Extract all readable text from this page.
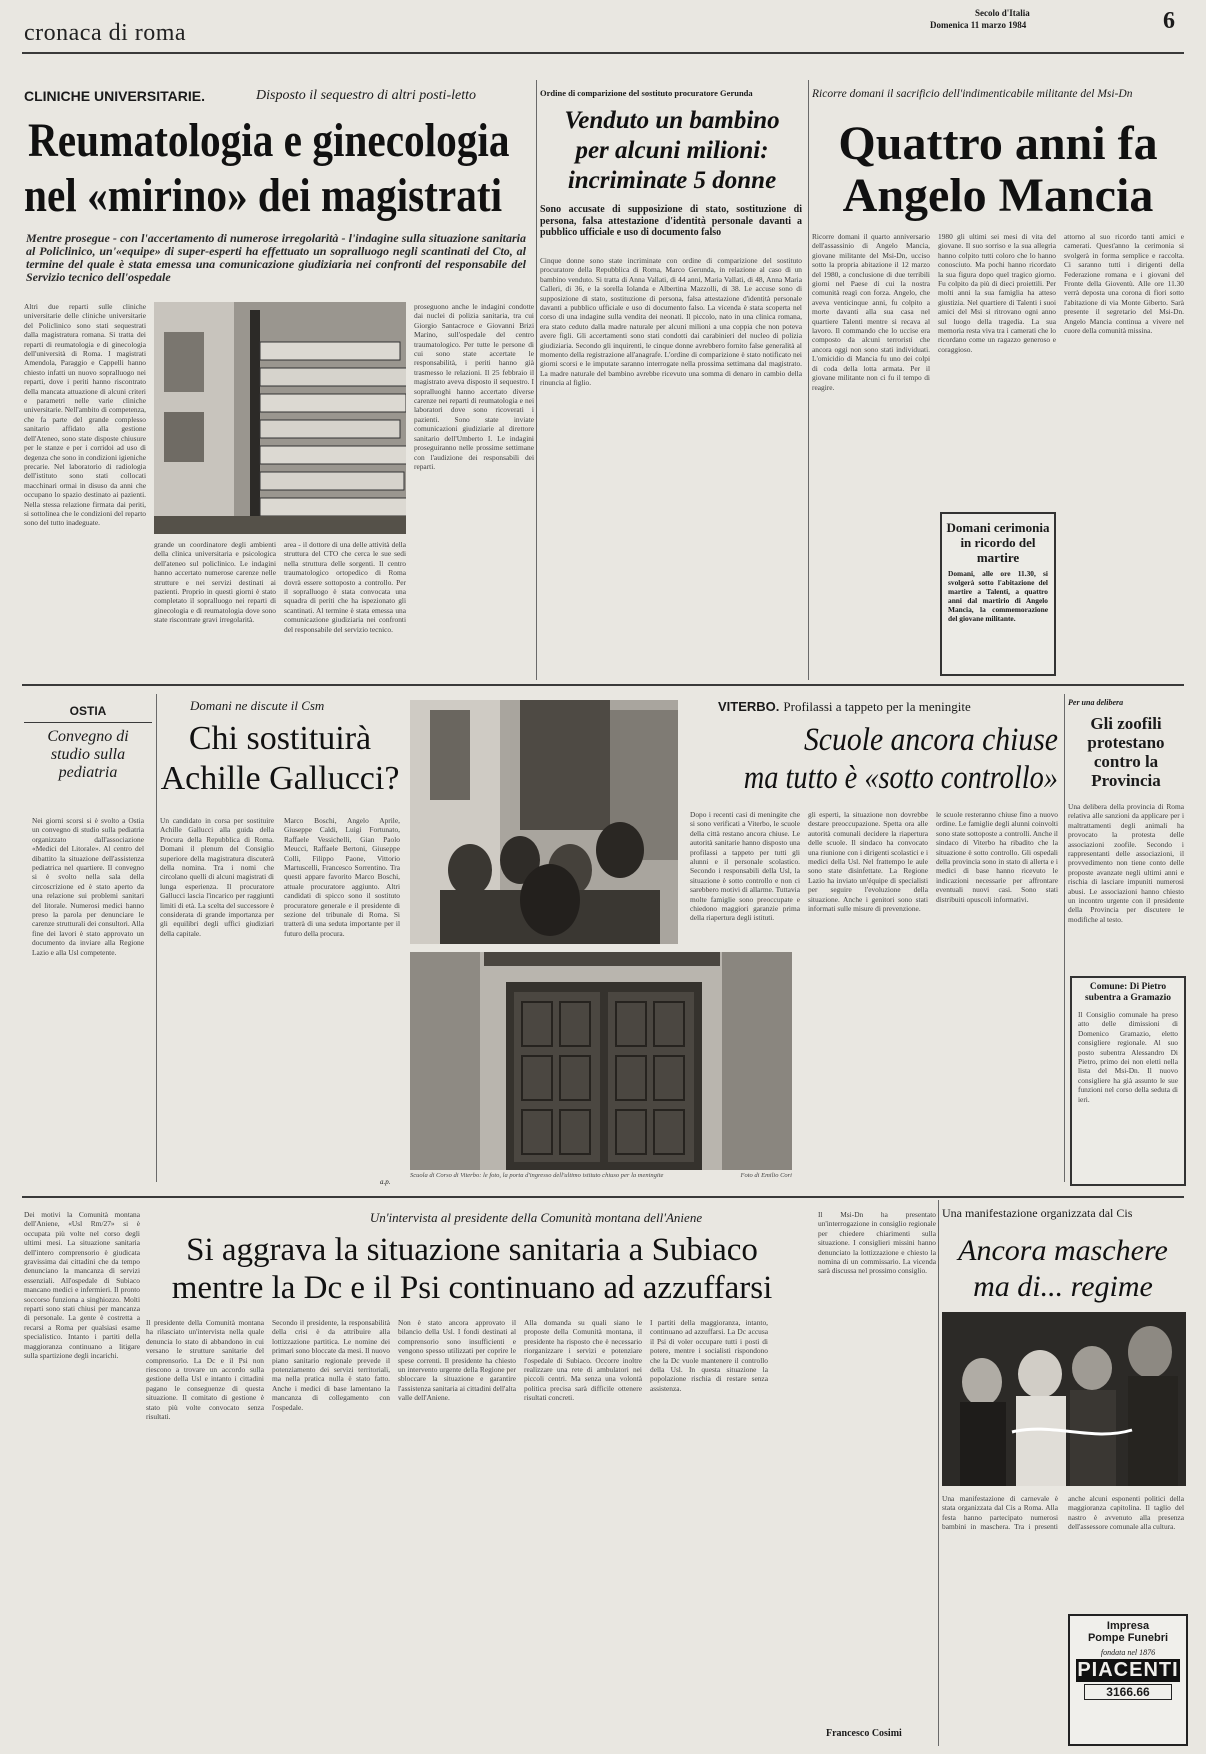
cronaca di roma
Secolo d'Italia
Domenica 11 marzo 1984	6
CLINICHE UNIVERSITARIE.	Disposto il sequestro di altri posti-letto
Reumatologia e ginecologia
nel «mirino» dei magistrati
Mentre prosegue - con l'accertamento di numerose irregolarità - l'indagine sulla situazione sanitaria al Policlinico, un'«equipe» di super-esperti ha effettuato un sopralluogo negli scantinati del Cto, al termine del quale è stata emessa una comunicazione giudiziaria nei confronti del responsabile del Servizio tecnico dell'ospedale
Altri due reparti sulle cliniche universitarie delle cliniche universitarie del Policlinico sono stati sequestrati dalla magistratura romana. Si tratta dei reparti di reumatologia e di ginecologia dell'università di Roma. I magistrati Amendola, Paraggio e Cappelli hanno chiesto infatti un nuovo sopralluogo nei reparti, dove i periti hanno riscontrato della mancata attuazione di alcuni criteri e parametri nelle varie cliniche universitarie. Nell'ambito di competenza, che fa parte del grande complesso sanitario affidato alla gestione dell'Ateneo, sono state disposte chiusure per le stanze e per i corridoi ad uso di degenza che sono in condizioni igieniche precarie. Nel laboratorio di radiologia dell'istituto sono stati collocati macchinari ormai in disuso da anni che occupano lo spazio destinato ai pazienti. Nella stessa relazione firmata dai periti, si sottolinea che le condizioni del reparto sono del tutto inadeguate.
grande un coordinatore degli ambienti della clinica universitaria e psicologica dell'ateneo sul policlinico. Le indagini hanno accertato numerose carenze nelle strutture e nei servizi destinati ai pazienti. Proprio in questi giorni è stato completato il sopralluogo nei reparti di ginecologia e di reumatologia dove sono state riscontrate gravi irregolarità.
area - il dottore di una delle attività della struttura del CTO che cerca le sue sedi nella struttura delle sorgenti. Il centro traumatologico ortopedico di Roma dovrà essere sottoposto a controllo. Per il sopralluogo è stata convocata una squadra di periti che ha ispezionato gli scantinati. Al termine è stata emessa una comunicazione giudiziaria nei confronti del responsabile del servizio tecnico.
proseguono anche le indagini condotte dai nuclei di polizia sanitaria, tra cui Giorgio Santacroce e Giovanni Brizi Marino, sull'ospedale del centro traumatologico. Per tutte le persone di cui sono state accertate le responsabilità, i periti hanno già trasmesso le relazioni. Il 25 febbraio il magistrato aveva disposto il sequestro. I sopralluoghi hanno accertato diverse carenze nei reparti di reumatologia e nei laboratori dove sono ricoverati i pazienti. Sono state inviate comunicazioni giudiziarie al direttore sanitario dell'Umberto I. Le indagini proseguiranno nelle prossime settimane con l'audizione dei responsabili dei reparti.
Ordine di comparizione del sostituto procuratore Gerunda
Venduto un bambino
per alcuni milioni:
incriminate 5 donne
Sono accusate di supposizione di stato, sostituzione di persona, falsa attestazione d'identità personale davanti a pubblico ufficiale e uso di documento falso
Cinque donne sono state incriminate con ordine di comparizione del sostituto procuratore della Repubblica di Roma, Marco Gerunda, in relazione al caso di un bambino venduto. Si tratta di Anna Vallati, di 44 anni, Maria Vallati, di 48, Anna Maria Calleri, di 36, e la sorella Iolanda e Albertina Mazzolli, di 38. Le accuse sono di supposizione di stato, sostituzione di persona, falsa attestazione d'identità personale davanti a pubblico ufficiale e uso di documento falso. La vicenda è stata scoperta nel corso di una indagine sulla vendita dei neonati. Il piccolo, nato in una clinica romana, era stato ceduto dalla madre naturale per alcuni milioni a una coppia che non poteva avere figli. Gli accertamenti sono stati condotti dai carabinieri del nucleo di polizia giudiziaria. Secondo gli inquirenti, le cinque donne avrebbero fornito false generalità al momento della registrazione all'anagrafe. L'ordine di comparizione è stato notificato nei giorni scorsi e le imputate saranno interrogate nella prossima settimana dal magistrato. La madre naturale del bambino avrebbe ricevuto una somma di denaro in cambio della rinuncia al figlio.
Ricorre domani il sacrificio dell'indimenticabile militante del Msi-Dn
Quattro anni fa
Angelo Mancia
Ricorre domani il quarto anniversario dell'assassinio di Angelo Mancia, giovane militante del Msi-Dn, ucciso sotto la propria abitazione il 12 marzo del 1980, a conclusione di due terribili giorni nel Paese di cui la nostra comunità reagì con forza. Angelo, che aveva venticinque anni, fu colpito a morte davanti alla sua casa nel quartiere Talenti mentre si recava al lavoro. Il commando che lo uccise era composto da alcuni terroristi che ancora oggi non sono stati individuati. L'omicidio di Mancia fu uno dei colpi di coda della lotta armata. Per il giovane militante non ci fu il tempo di reagire.
1980 gli ultimi sei mesi di vita del giovane. Il suo sorriso e la sua allegria hanno colpito tutti coloro che lo hanno conosciuto. Ma pochi hanno ricordato la sua figura dopo quel tragico giorno. Fu colpito da più di dieci proiettili. Per molti anni la sua famiglia ha atteso giustizia. Nel quartiere di Talenti i suoi amici del Msi si ritrovano ogni anno sul luogo della tragedia. La sua memoria resta viva tra i camerati che lo ricordano come un ragazzo generoso e coraggioso.
attorno al suo ricordo tanti amici e camerati. Quest'anno la cerimonia si svolgerà in forma semplice e raccolta. Ci saranno tutti i dirigenti della Federazione romana e i giovani del Fronte della Gioventù. Alle ore 11.30 verrà deposta una corona di fiori sotto l'abitazione di via Monte Giberto. Sarà presente il segretario del Msi-Dn. Angelo Mancia continua a vivere nel cuore della comunità missina.
Domani cerimonia in ricordo del martire
Domani, alle ore 11.30, si svolgerà sotto l'abitazione del martire a Talenti, a quattro anni dal martirio di Angelo Mancia, la commemorazione del giovane militante.
OSTIA
Convegno di studio sulla pediatria
Nei giorni scorsi si è svolto a Ostia un convegno di studio sulla pediatria organizzato dall'associazione «Medici del Litorale». Al centro del dibattito la situazione dell'assistenza pediatrica nel quartiere. Il convegno si è svolto nella sala della circoscrizione ed è stato aperto da una relazione sui problemi sanitari del litorale. Numerosi medici hanno preso la parola per denunciare le carenze strutturali dei consultori. Alla fine dei lavori è stato approvato un documento da inviare alla Regione Lazio e alla Usl competente.
Domani ne discute il Csm
Chi sostituirà
Achille Gallucci?
Un candidato in corsa per sostituire Achille Gallucci alla guida della Procura della Repubblica di Roma. Domani il plenum del Consiglio superiore della magistratura discuterà della nomina. Tra i nomi che circolano quelli di alcuni magistrati di lunga esperienza. Il procuratore Gallucci lascia l'incarico per raggiunti limiti di età. La scelta del successore è considerata di grande importanza per gli equilibri degli uffici giudiziari della capitale.
Marco Boschi, Angelo Aprile, Giuseppe Caldi, Luigi Fortunato, Raffaele Vessichelli, Gian Paolo Meucci, Raffaele Bertoni, Giuseppe Colli, Filippo Paone, Vittorio Martuscelli, Francesco Sorrentino. Tra questi appare favorito Marco Boschi, attuale procuratore aggiunto. Altri candidati di spicco sono il sostituto procuratore generale e il presidente di sezione del tribunale di Roma. Si tratterà di una seduta importante per il futuro della procura.
a.p.
Scuola di Corso di Viterbo: le foto, la porta d'ingresso dell'ultimo istituto chiuso per la meningite	Foto di Emilio Cori
VITERBO. Profilassi a tappeto per la meningite
Scuole ancora chiuse
ma tutto è «sotto controllo»
Dopo i recenti casi di meningite che si sono verificati a Viterbo, le scuole della città restano ancora chiuse. Le autorità sanitarie hanno disposto una profilassi a tappeto per tutti gli alunni e il personale scolastico. Secondo i responsabili della Usl, la situazione è sotto controllo e non ci sarebbero motivi di allarme. Tuttavia molte famiglie sono preoccupate e chiedono maggiori garanzie prima della riapertura degli istituti.
gli esperti, la situazione non dovrebbe destare preoccupazione. Spetta ora alle autorità comunali decidere la riapertura delle scuole. Il sindaco ha convocato una riunione con i dirigenti scolastici e i medici della Usl. Nel frattempo le aule sono state disinfettate. La Regione Lazio ha inviato un'équipe di specialisti per seguire l'evoluzione della situazione. Anche i genitori sono stati informati sulle misure di prevenzione.
le scuole resteranno chiuse fino a nuovo ordine. Le famiglie degli alunni coinvolti sono state sottoposte a controlli. Anche il sindaco di Viterbo ha ribadito che la situazione è sotto controllo. Gli ospedali della provincia sono in stato di allerta e i medici di base hanno ricevuto le indicazioni necessarie per affrontare eventuali nuovi casi. Sono stati distribuiti opuscoli informativi.
Per una delibera
Gli zoofili protestano contro la Provincia
Una delibera della provincia di Roma relativa alle sanzioni da applicare per i maltrattamenti degli animali ha provocato la protesta delle associazioni zoofile. Secondo i rappresentanti delle associazioni, il provvedimento non tiene conto delle proposte avanzate negli ultimi anni e rischia di lasciare impuniti numerosi abusi. Le associazioni hanno chiesto un incontro urgente con il presidente della Provincia per discutere le modifiche al testo.
Comune: Di Pietro subentra a Gramazio
Il Consiglio comunale ha preso atto delle dimissioni di Domenico Gramazio, eletto consigliere regionale. Al suo posto subentra Alessandro Di Pietro, primo dei non eletti nella lista del Msi-Dn. Il nuovo consigliere ha già assunto le sue funzioni nel corso della seduta di ieri.
Dei motivi la Comunità montana dell'Aniene, «Usl Rm/27» si è occupata più volte nel corso degli ultimi mesi. La situazione sanitaria dell'intero comprensorio è giudicata gravissima dai cittadini che da tempo denunciano la mancanza di servizi essenziali. All'ospedale di Subiaco mancano medici e infermieri. Il pronto soccorso funziona a singhiozzo. Molti reparti sono stati chiusi per mancanza di personale. La gente è costretta a recarsi a Roma per qualsiasi esame specialistico. Intanto i partiti della maggioranza continuano a litigare sulla spartizione degli incarichi.
Un'intervista al presidente della Comunità montana dell'Aniene
Si aggrava la situazione sanitaria a Subiaco
mentre la Dc e il Psi continuano ad azzuffarsi
Il presidente della Comunità montana ha rilasciato un'intervista nella quale denuncia lo stato di abbandono in cui versano le strutture sanitarie del comprensorio. La Dc e il Psi non riescono a trovare un accordo sulla gestione della Usl e intanto i cittadini pagano le conseguenze di questa situazione. Il comitato di gestione è stato più volte convocato senza risultati.
Secondo il presidente, la responsabilità della crisi è da attribuire alla lottizzazione partitica. Le nomine dei primari sono bloccate da mesi. Il nuovo piano sanitario regionale prevede il potenziamento dei servizi territoriali, ma nella pratica nulla è stato fatto. Anche i medici di base lamentano la mancanza di collegamento con l'ospedale.
Non è stato ancora approvato il bilancio della Usl. I fondi destinati al comprensorio sono insufficienti e vengono spesso utilizzati per coprire le spese correnti. Il presidente ha chiesto un intervento urgente della Regione per sbloccare la situazione e garantire l'assistenza sanitaria ai cittadini dell'alta valle dell'Aniene.
Alla domanda su quali siano le proposte della Comunità montana, il presidente ha risposto che è necessario riorganizzare i servizi e potenziare l'ospedale di Subiaco. Occorre inoltre realizzare una rete di ambulatori nei piccoli centri. Ma senza una volontà politica precisa sarà difficile ottenere risultati concreti.
I partiti della maggioranza, intanto, continuano ad azzuffarsi. La Dc accusa il Psi di voler occupare tutti i posti di potere, mentre i socialisti rispondono che la Dc vuole mantenere il controllo della Usl. In questa situazione la popolazione rischia di restare senza assistenza.
Il Msi-Dn ha presentato un'interrogazione in consiglio regionale per chiedere chiarimenti sulla situazione. I consiglieri missini hanno denunciato la lottizzazione e chiesto la nomina di un commissario. La vicenda sarà discussa nel prossimo consiglio.
Francesco Cosimi
Una manifestazione organizzata dal Cis
Ancora maschere
ma di... regime
Una manifestazione di carnevale è stata organizzata dal Cis a Roma. Alla festa hanno partecipato numerosi bambini in maschera. Tra i presenti anche alcuni esponenti politici della maggioranza capitolina. Il taglio del nastro è avvenuto alla presenza dell'assessore comunale alla cultura.
Impresa
Pompe Funebri
fondata nel 1876
PIACENTI
3166.66
